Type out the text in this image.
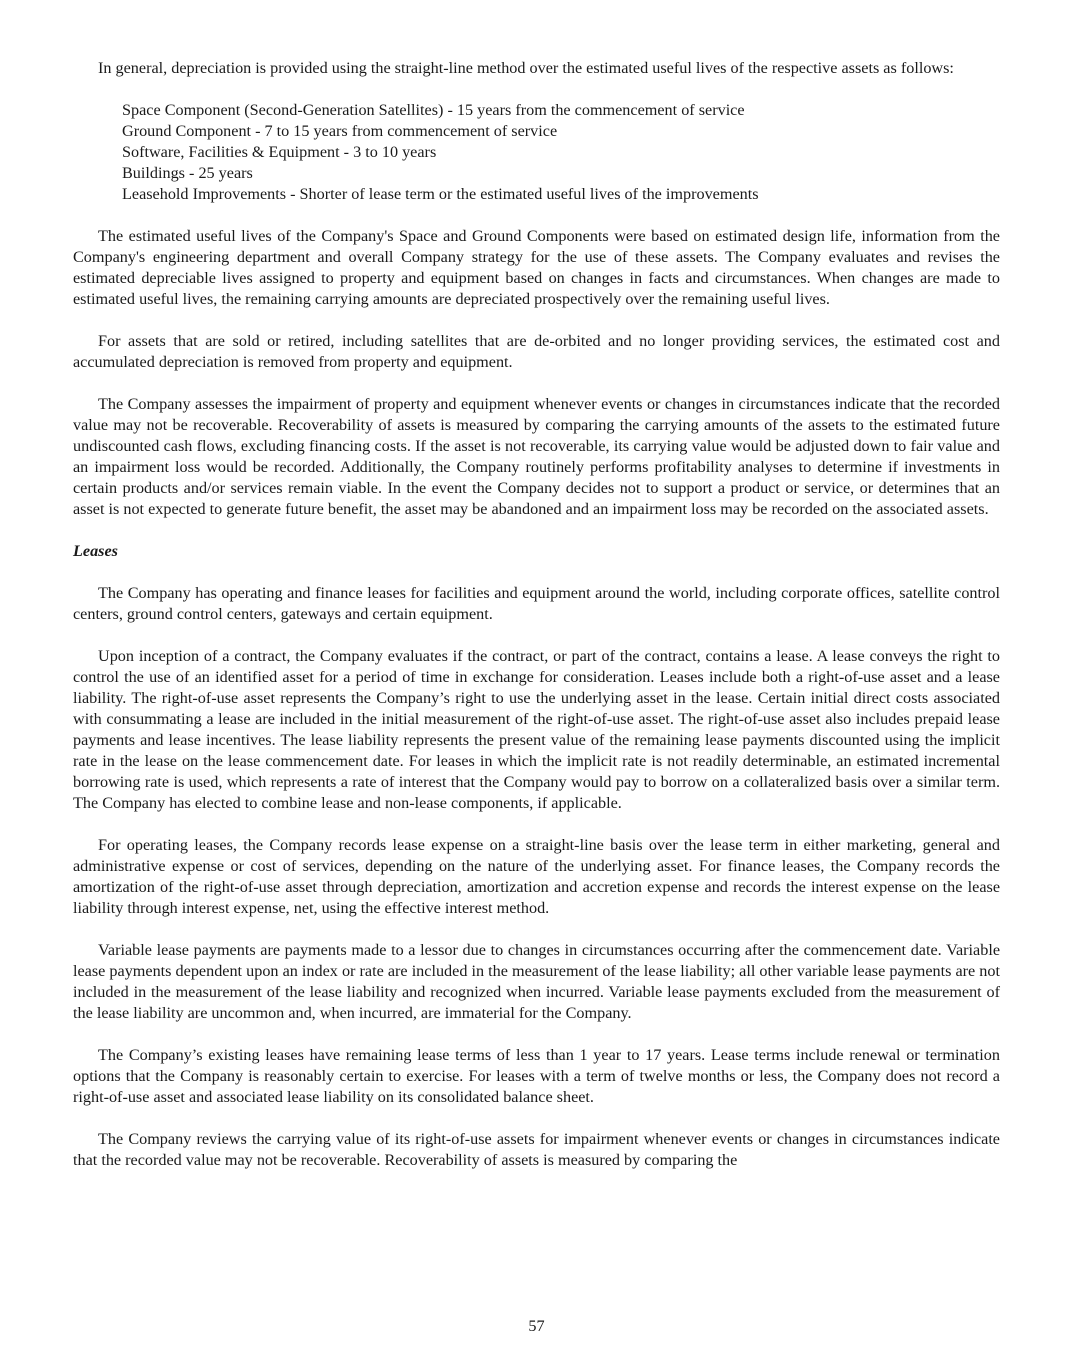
In general, depreciation is provided using the straight-line method over the estimated useful lives of the respective assets as follows:

Space Component (Second-Generation Satellites) - 15 years from the commencement of service
Ground Component - 7 to 15 years from commencement of service
Software, Facilities & Equipment - 3 to 10 years
Buildings - 25 years
Leasehold Improvements - Shorter of lease term or the estimated useful lives of the improvements

The estimated useful lives of the Company's Space and Ground Components were based on estimated design life, information from the Company's engineering department and overall Company strategy for the use of these assets. The Company evaluates and revises the estimated depreciable lives assigned to property and equipment based on changes in facts and circumstances. When changes are made to estimated useful lives, the remaining carrying amounts are depreciated prospectively over the remaining useful lives.

For assets that are sold or retired, including satellites that are de-orbited and no longer providing services, the estimated cost and accumulated depreciation is removed from property and equipment.

The Company assesses the impairment of property and equipment whenever events or changes in circumstances indicate that the recorded value may not be recoverable. Recoverability of assets is measured by comparing the carrying amounts of the assets to the estimated future undiscounted cash flows, excluding financing costs. If the asset is not recoverable, its carrying value would be adjusted down to fair value and an impairment loss would be recorded. Additionally, the Company routinely performs profitability analyses to determine if investments in certain products and/or services remain viable. In the event the Company decides not to support a product or service, or determines that an asset is not expected to generate future benefit, the asset may be abandoned and an impairment loss may be recorded on the associated assets.

Leases

The Company has operating and finance leases for facilities and equipment around the world, including corporate offices, satellite control centers, ground control centers, gateways and certain equipment.

Upon inception of a contract, the Company evaluates if the contract, or part of the contract, contains a lease. A lease conveys the right to control the use of an identified asset for a period of time in exchange for consideration. Leases include both a right-of-use asset and a lease liability. The right-of-use asset represents the Company’s right to use the underlying asset in the lease. Certain initial direct costs associated with consummating a lease are included in the initial measurement of the right-of-use asset. The right-of-use asset also includes prepaid lease payments and lease incentives. The lease liability represents the present value of the remaining lease payments discounted using the implicit rate in the lease on the lease commencement date. For leases in which the implicit rate is not readily determinable, an estimated incremental borrowing rate is used, which represents a rate of interest that the Company would pay to borrow on a collateralized basis over a similar term. The Company has elected to combine lease and non-lease components, if applicable.

For operating leases, the Company records lease expense on a straight-line basis over the lease term in either marketing, general and administrative expense or cost of services, depending on the nature of the underlying asset. For finance leases, the Company records the amortization of the right-of-use asset through depreciation, amortization and accretion expense and records the interest expense on the lease liability through interest expense, net, using the effective interest method.

Variable lease payments are payments made to a lessor due to changes in circumstances occurring after the commencement date. Variable lease payments dependent upon an index or rate are included in the measurement of the lease liability; all other variable lease payments are not included in the measurement of the lease liability and recognized when incurred. Variable lease payments excluded from the measurement of the lease liability are uncommon and, when incurred, are immaterial for the Company.

The Company’s existing leases have remaining lease terms of less than 1 year to 17 years. Lease terms include renewal or termination options that the Company is reasonably certain to exercise. For leases with a term of twelve months or less, the Company does not record a right-of-use asset and associated lease liability on its consolidated balance sheet.

The Company reviews the carrying value of its right-of-use assets for impairment whenever events or changes in circumstances indicate that the recorded value may not be recoverable. Recoverability of assets is measured by comparing the

57
